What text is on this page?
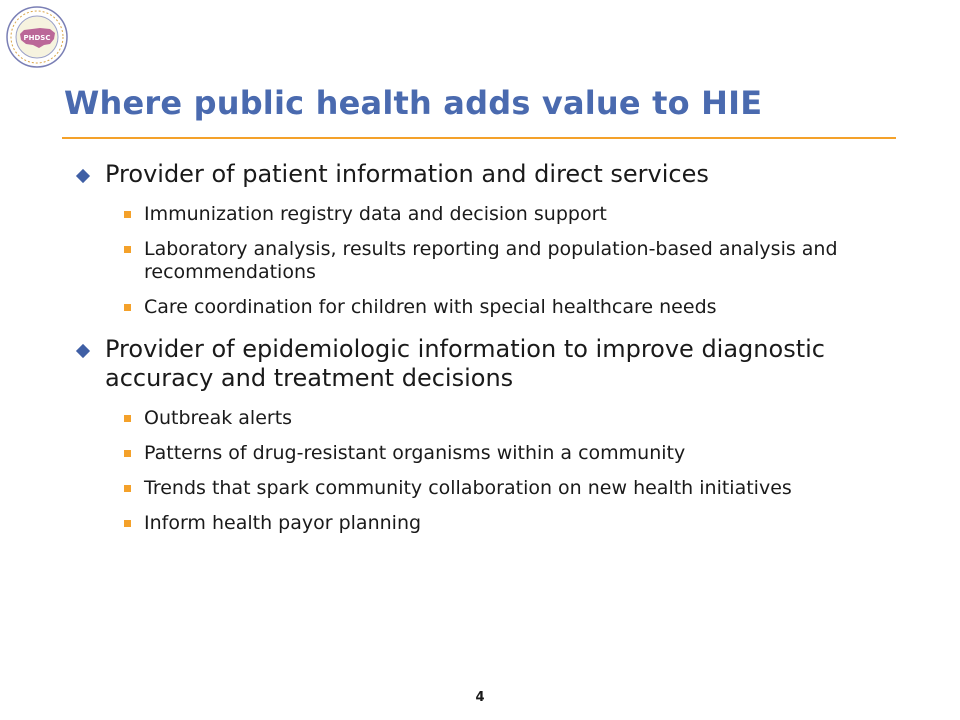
PHDSC
Where public health adds value to HIE
Provider of patient information and direct services
Immunization registry data and decision support
Laboratory analysis, results reporting and population-based analysis and recommendations
Care coordination for children with special healthcare needs
Provider of epidemiologic information to improve diagnostic accuracy and treatment decisions
Outbreak alerts
Patterns of drug-resistant organisms within a community
Trends that spark community collaboration on new health initiatives
Inform health payor planning
4
